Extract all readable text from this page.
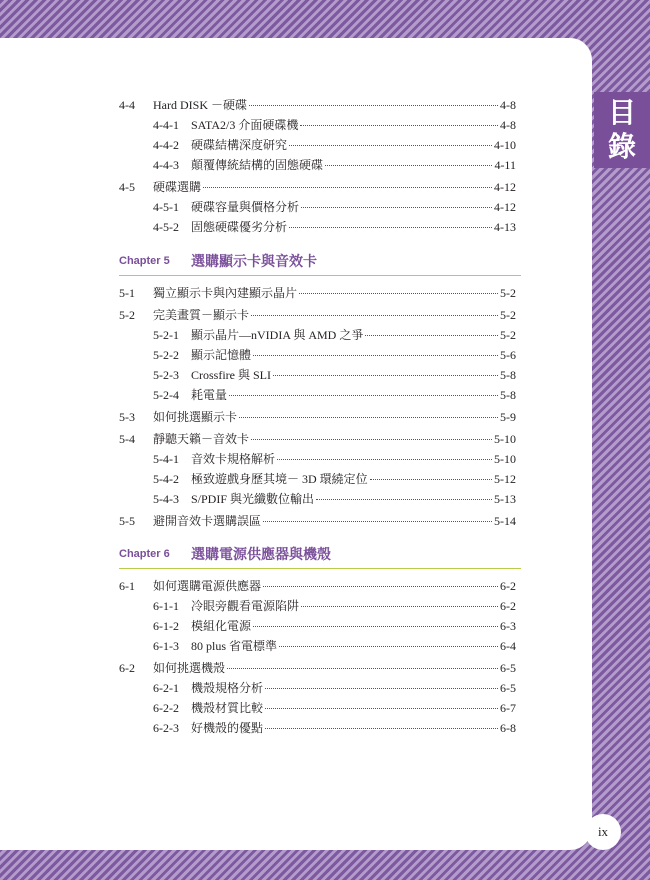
4-4	Hard DISK －硬碟	4-8
4-4-1	SATA2/3 介面硬碟機	4-8
4-4-2	硬碟結構深度研究	4-10
4-4-3	顛覆傳統結構的固態硬碟	4-11
4-5	硬碟選購	4-12
4-5-1	硬碟容量與價格分析	4-12
4-5-2	固態硬碟優劣分析	4-13
5-1	獨立顯示卡與內建顯示晶片	5-2
5-2	完美畫質－顯示卡	5-2
5-2-1	顯示晶片—nVIDIA 與 AMD 之爭	5-2
5-2-2	顯示記憶體	5-6
5-2-3	Crossfire 與 SLI	5-8
5-2-4	耗電量	5-8
5-3	如何挑選顯示卡	5-9
5-4	靜聽天籟－音效卡	5-10
5-4-1	音效卡規格解析	5-10
5-4-2	極致遊戲身歷其境－ 3D 環繞定位	5-12
5-4-3	S/PDIF 與光纖數位輸出	5-13
5-5	避開音效卡選購誤區	5-14
6-1	如何選購電源供應器	6-2
6-1-1	冷眼旁觀看電源陷阱	6-2
6-1-2	模組化電源	6-3
6-1-3	80 plus 省電標準	6-4
6-2	如何挑選機殼	6-5
6-2-1	機殼規格分析	6-5
6-2-2	機殼材質比較	6-7
6-2-3	好機殼的優點	6-8
Chapter 5 選購顯示卡與音效卡
Chapter 6 選購電源供應器與機殼
目
錄
ix
